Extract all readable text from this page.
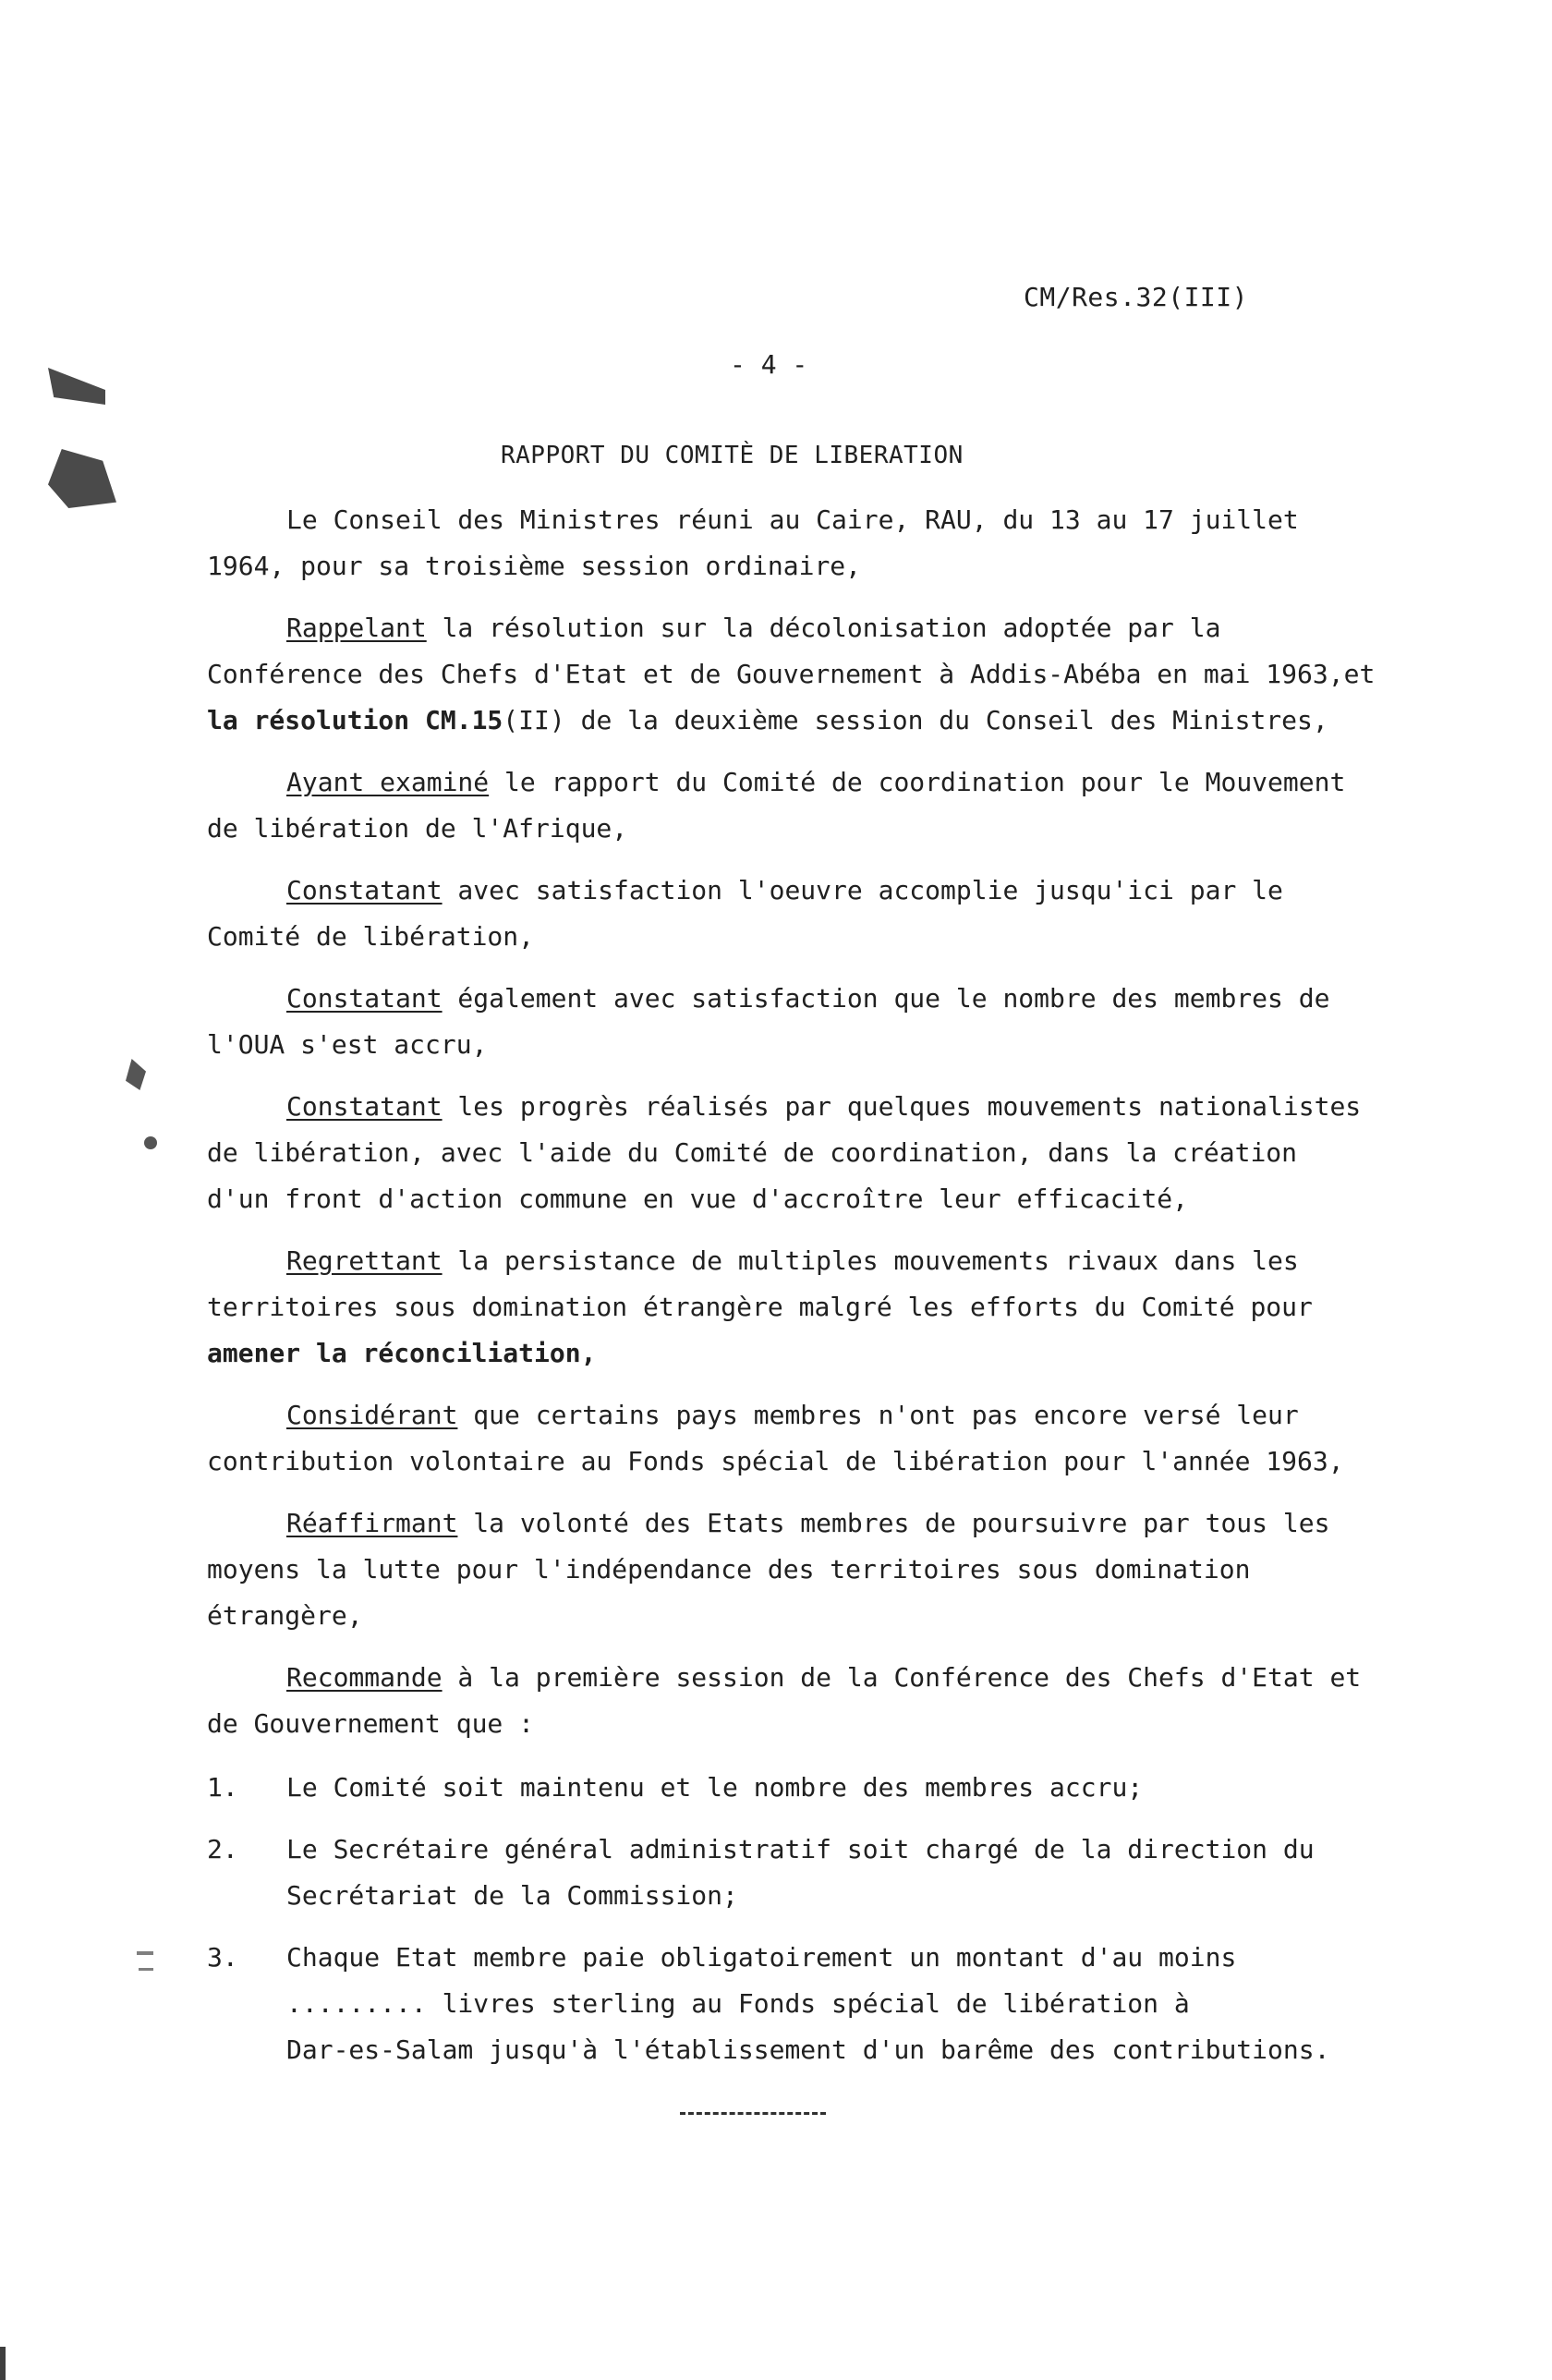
CM/Res.32(III)
- 4 -
RAPPORT DU COMITÈ DE LIBERATION
Le Conseil des Ministres réuni au Caire, RAU, du 13 au 17 juillet
1964, pour sa troisième session ordinaire,
Rappelant la résolution sur la décolonisation adoptée par la
Conférence des Chefs d'Etat et de Gouvernement à Addis-Abéba en mai 1963,et
la résolution CM.15(II) de la deuxième session du Conseil des Ministres,
Ayant examiné le rapport du Comité de coordination pour le Mouvement
de libération de l'Afrique,
Constatant avec satisfaction l'oeuvre accomplie jusqu'ici par le
Comité de libération,
Constatant également avec satisfaction que le nombre des membres de
l'OUA s'est accru,
Constatant les progrès réalisés par quelques mouvements nationalistes
de libération, avec l'aide du Comité de coordination, dans la création
d'un front d'action commune en vue d'accroître leur efficacité,
Regrettant la persistance de multiples mouvements rivaux dans les
territoires sous domination étrangère malgré les efforts du Comité pour
amener la réconciliation,
Considérant que certains pays membres n'ont pas encore versé leur
contribution volontaire au Fonds spécial de libération pour l'année 1963,
Réaffirmant la volonté des Etats membres de poursuivre par tous les
moyens la lutte pour l'indépendance des territoires sous domination
étrangère,
Recommande à la première session de la Conférence des Chefs d'Etat et
de Gouvernement que :
1. Le Comité soit maintenu et le nombre des membres accru;
2. Le Secrétaire général administratif soit chargé de la direction du
Secrétariat de la Commission;
3. Chaque Etat membre paie obligatoirement un montant d'au moins
......... livres sterling au Fonds spécial de libération à
Dar-es-Salam jusqu'à l'établissement d'un barême des contributions.
